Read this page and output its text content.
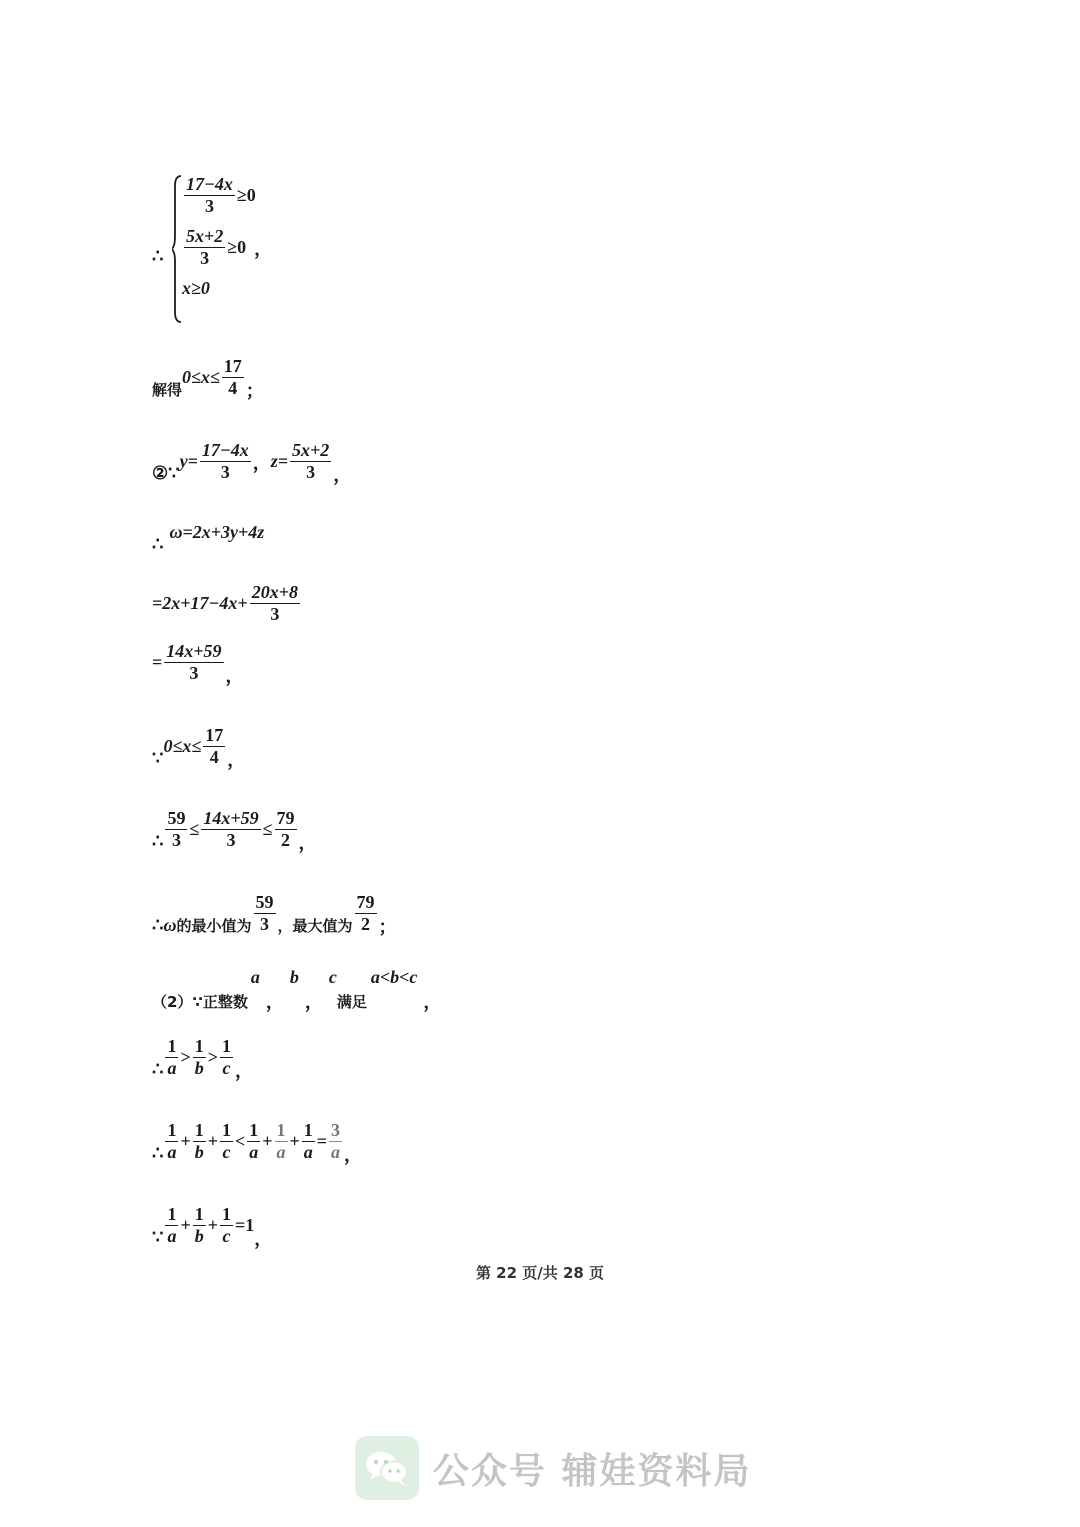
∴
$\frac{17-4x}{3} \ge 0$
$\frac{5x+2}{3} \ge 0$ ，
x≥0
解得
$0\le x\le \frac{17}{4}$ ；
②∵
$y= \frac{17-4x}{3}$ ， $z= \frac{5x+2}{3}$ ，
∴
ω=2x+3y+4z
$=2x+17-4x+ \frac{20x+8}{3}$
= $\frac{14x+59}{3}$ ，
∵
$0\le x\le \frac{17}{4}$ ，
∴ $\frac{59}{3} \le \frac{14x+59}{3} \le \frac{79}{2}$ ，
∴ ω 的最小值为 $\frac{59}{3}$ ，最大值为 $\frac{79}{2}$ ；
（2）∵正整数
a
，
b
，
c
满足
a<b<c
，
∴ $\frac{1}{a} > \frac{1}{b} > \frac{1}{c}$ ，
∴ $\frac{1}{a} + \frac{1}{b} + \frac{1}{c} < \frac{1}{a} + \frac{1}{a} + \frac{1}{a} = \frac{3}{a}$ ，
∵ $\frac{1}{a} + \frac{1}{b} + \frac{1}{c} =1$
，
第 22 页/共 28 页
公众号 辅娃资料局
